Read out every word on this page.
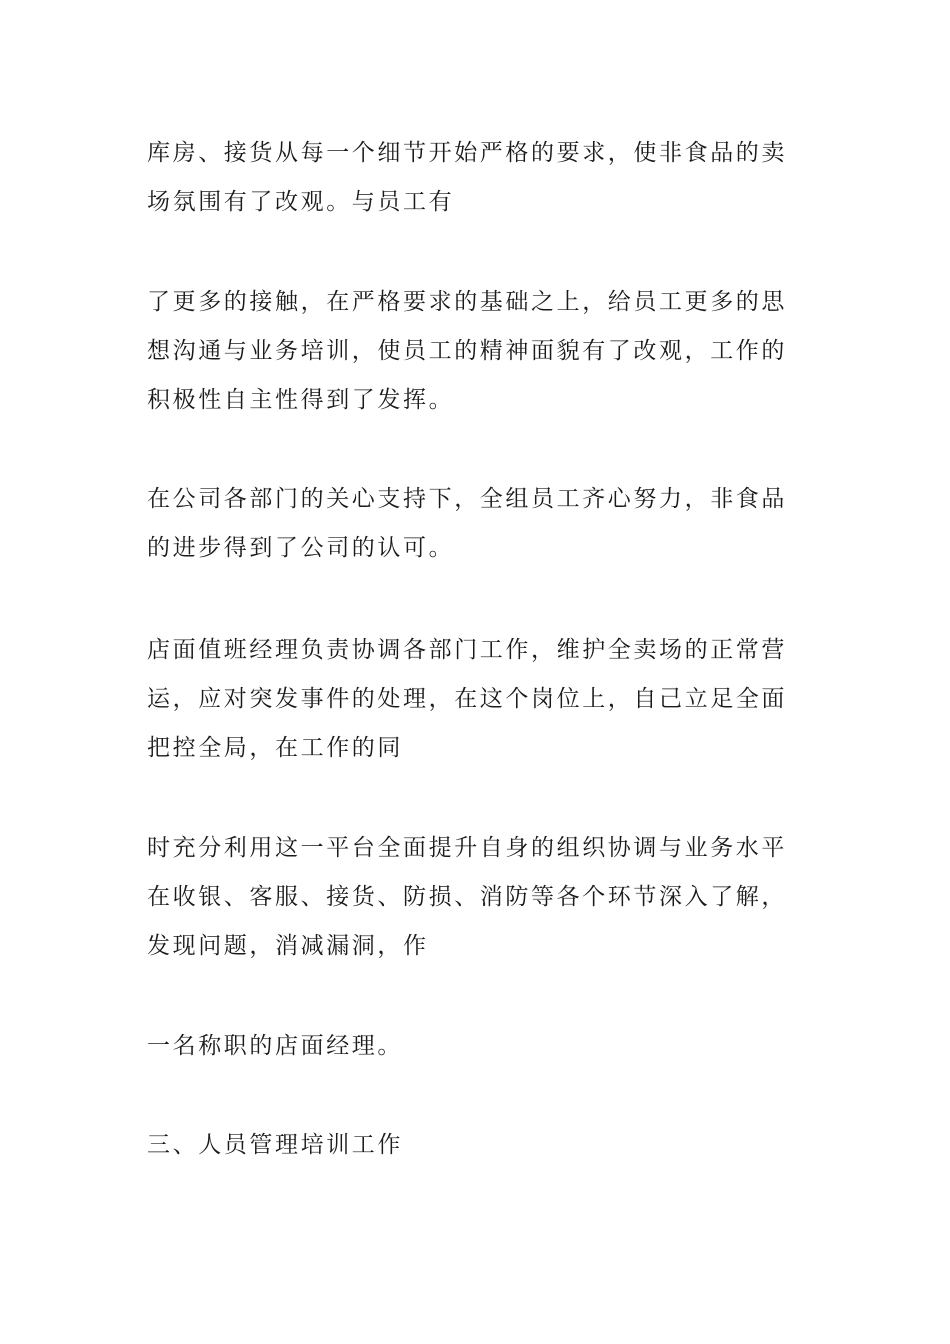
库房、接货从每一个细节开始严格的要求，使非食品的卖
场氛围有了改观。与员工有

了更多的接触，在严格要求的基础之上，给员工更多的思
想沟通与业务培训，使员工的精神面貌有了改观，工作的
积极性自主性得到了发挥。

在公司各部门的关心支持下，全组员工齐心努力，非食品
的进步得到了公司的认可。

店面值班经理负责协调各部门工作，维护全卖场的正常营
运，应对突发事件的处理，在这个岗位上，自己立足全面
把控全局，在工作的同

时充分利用这一平台全面提升自身的组织协调与业务水平
在收银、客服、接货、防损、消防等各个环节深入了解，
发现问题，消减漏洞，作

一名称职的店面经理。

三、人员管理培训工作
